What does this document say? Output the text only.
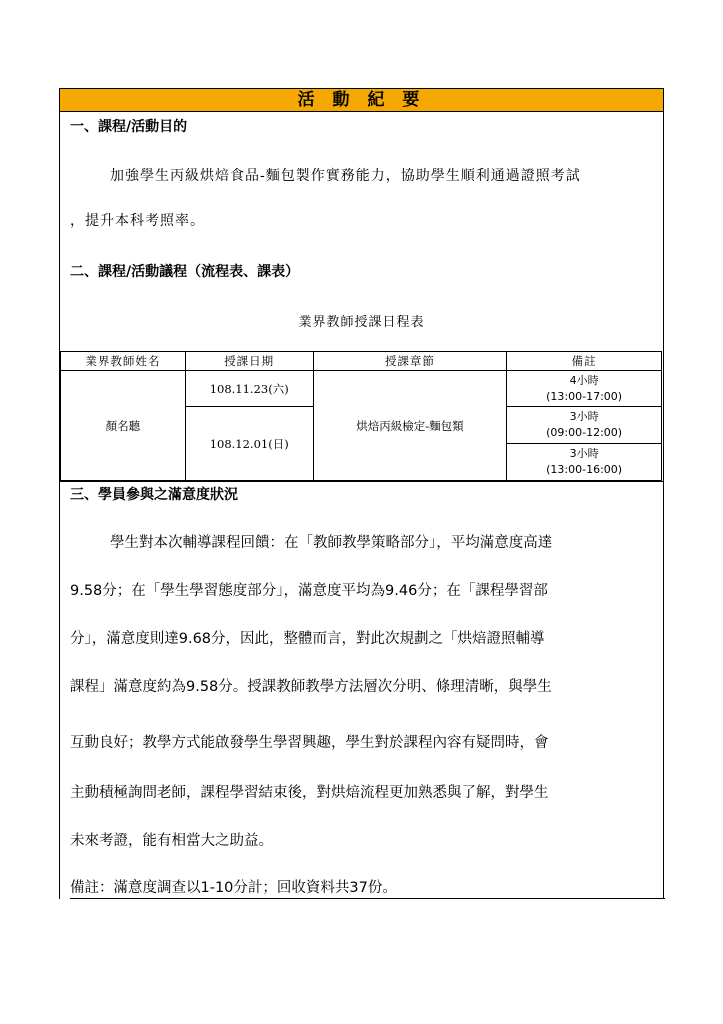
活 動 紀 要
一、課程/活動目的
加強學生丙級烘焙食品-麵包製作實務能力，協助學生順利通過證照考試
，提升本科考照率。
二、課程/活動議程（流程表、課表）
業界教師授課日程表
業界教師姓名	授課日期	授課章節	備註
顏名聽	108.11.23(六)	烘焙丙級檢定-麵包類	4小時
(13:00-17:00)

	108.12.01(日)		3小時
(09:00-12:00)

			3小時
(13:00-16:00)
三、學員參與之滿意度狀況
學生對本次輔導課程回饋：在「教師教學策略部分」，平均滿意度高達
9.58分；在「學生學習態度部分」，滿意度平均為9.46分；在「課程學習部
分」，滿意度則達9.68分，因此，整體而言，對此次規劃之「烘焙證照輔導
課程」滿意度約為9.58分。授課教師教學方法層次分明、條理清晰，與學生
互動良好；教學方式能啟發學生學習興趣，學生對於課程內容有疑問時，會
主動積極詢問老師，課程學習結束後，對烘焙流程更加熟悉與了解，對學生
未來考證，能有相當大之助益。
備註：滿意度調查以1-10分計；回收資料共37份。
